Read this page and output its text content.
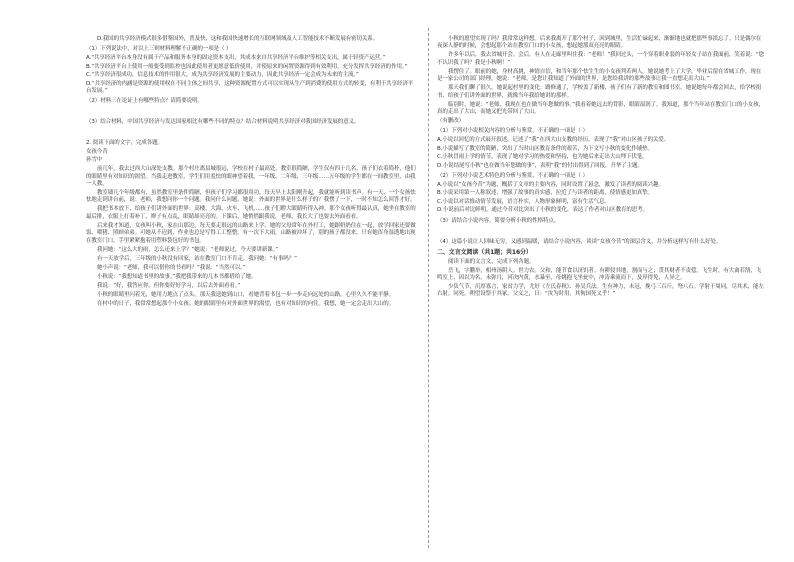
D.我国的共享经济模式很多借鉴国外，普及快，这和我国快速增长的互联网领域及人工智能技术不断发展有密切关系。

（1）下列说法中，对以上三则材料理解不正确的一项是（ ）

A.“共享经济平台本身没有属于产品和服务本身的固定资本支出，其成本来自共享经济平台维护等相关支出，属于轻资产运营。”

B.“共享经济平台上使用一般要受到监控也因此使用者更愿意低价使用，并使原来的闲置资源得到有效利用，充分发挥共享经济的作用。”

C.“共享经济很成功，信息技术的作用很大，成为共享经济发展的主要动力，因此共享经济一定会成为未来的主流。”

D.“共享经济的内涵是资源的使用权在不同主体之间共享，这种资源配置方式可以实现从生产到消费的使用方式的转变，有利于共享经济平台发展。”

（2）材料三在论证上有哪些特点？请简要说明。

（3）结合材料，中国共享经济与发达国家相比有哪些不同的特点？结合材料说明共享经济对我国经济发展的意义。

2. 阅读下面的文字，完成各题。

女孩今昔

孙雪中

前几年，我去过西大山深处支教。那个村庄离县城很远，学校在村子最高处，教室很简陋，学生仅有四十几名，孩子们衣着简朴，他们的眼睛里有对知识的渴望。当我走进教室，学生们用羞怯的眼神望着我，一年级、二年级、三年级……五年级的学生都在一间教室里，由我一人教。

教室墙几个年级都有，虽然教室里条件简陋，但孩子们学习都很用功，每天早上太阳刚升起，我就能听到读书声。有一天，一个女孩怯怯地走到讲台前，说：老师，我想问你一个问题。我问什么问题。她说：外面的世界是什么样子的？我愣了一下，一时不知怎么回答才好。

我把书本放下，给孩子们讲外面的世界：高楼、大海、火车、飞机……孩子们瞪大眼睛听得入神。那个女孩听得最认真，她坐在教室的最后排，衣服上打着补丁，辫子有点乱，眼睛却亮亮的。下课后，她悄悄跟我说，老师，我长大了也要去外面看看。

后来我才知道，女孩叫小秋，家在山那边，每天要走很远的山路来上学。她的父母常年在外打工，她跟奶奶住在一起，放学回家还要做饭、喂猪、照顾弟弟。可她从不迟到，作业也总是写得工工整整。有一次下大雨，山路被冲坏了，别的孩子都没来，只有她浑身湿透地出现在教室门口，手里紧紧抱着用塑料袋包好的书包。

我问她：“这么大的雨，怎么还来上学？”她说：“老师说过，今天要讲新课。”

有一天放学后，三年级的小秋没有回家，站在教室门口不肯走。我问她：“有事吗？”

她小声说：“老师，我可以借你的书看吗？”我说：“当然可以。”

小秋说：“我想知道书里的故事。”我把我带来的几本书都借给了她。

我说：“好，我答应你。但你要好好学习，以后去外面看看。”

小秋的眼睛里闪着光，她用力地点了点头。那天我送她到山口，看她背着书包一步一步走向远处的山路，心里久久不能平静。

在村中的日子，我常常想起那个小女孩。她的眼睛里有对外面世界的渴望，也有对知识的向往。我想，她一定会走出大山的。

小秋的愿望实现了吗？我常常这样想。后来我离开了那个村子，回到城里，生活忙碌起来，渐渐地也就把那些事淡忘了。只是偶尔在夜深人静的时候，会想起那个站在教室门口的小女孩，想起她那双亮亮的眼睛。

许多年以后，我去省城开会。会后，有人在走廊里叫住我：“老师！”我回过头，一个穿着职业装的年轻女子站在我面前，笑着说：“您不认识我了吗？我是小秋啊！”

我愣住了。眼前的她，身材高挑，神情自信，和当年那个怯生生的小女孩判若两人。她说她考上了大学，毕业后留在省城工作，现在是一家公司的部门经理。她说：“老师，是您让我知道了外面的世界，是您给我讲的那些故事让我一直想走出大山。”

那天我们聊了很久。她说起村里的变化：路修通了，学校盖了新楼，孩子们有了新的教室和图书室。她说她每年都会回去，给学校捐书，给孩子们讲外面的世界，就像当年我给她讲的那样。

临别时，她说：“老师，我现在也在做当年您做的事。”我看着她远去的背影，眼睛湿润了。我知道，那个当年站在教室门口的小女孩，真的走出了大山，而她又把光带回了大山。

（有删改）

（1）下列对小说相关内容的分析与鉴赏，不正确的一项是（ ）

A.小说以回忆的方式展开叙述，记述了“我”在西大山支教的经历，表现了“我”对山区孩子的关爱。

B.小说描写了教室的简陋，突出了当时山区教育条件的艰苦，为下文写小秋的变化作铺垫。

C.小秋冒雨上学的情节，表现了她对学习的热爱和坚持，也为她后来走出大山埋下伏笔。

D.小说结尾写小秋“也在做当年您做的事”，表明“我”的付出得到了回报，升华了主题。

（2）下列对小说艺术特色的分析与鉴赏，不正确的一项是（ ）

A.小说以“女孩今昔”为题，概括了文章的主要内容，同时设置了悬念，激发了读者的阅读兴趣。

B.小说采用第一人称叙述，增强了故事的真实感，拉近了与读者的距离，使情感更加真挚。

C.小说以对话推动情节发展，语言朴实，人物形象鲜明，富有生活气息。

D.小说前后对比鲜明，通过今昔对比突出了小秋的变化，表达了作者对山区教育的思考。

（3）请结合小说内容，简要分析小秋的性格特点。

（4）这篇小说让人回味无穷，又感到温暖，请结合小说内容，谈谈“女孩今昔”的深层含义，并分析这样写有什么好处。

二、文言文阅读（共1题；共16分）

阅读下面的文言文，完成下列各题。

岳飞，字鹏举，相州汤阴人。世力农。父和，能节食以济饥者。有耕侵其地，割而与之；贳其财者不责偿。飞生时，有大禽若鹄，飞鸣室上，因以为名。未弥月，河决内黄，水暴至，母姚抱飞坐瓮中，冲涛乘流而下，及岸得免，人异之。

少负气节，沉厚寡言，家贫力学，尤好《左氏春秋》、孙吴兵法。生有神力，未冠，挽弓三百斤，弩八石。学射于周同，尽其术，能左右射。同死，朔望设祭于其冢。父义之，曰：“汝为时用，其徇国死义乎！”
